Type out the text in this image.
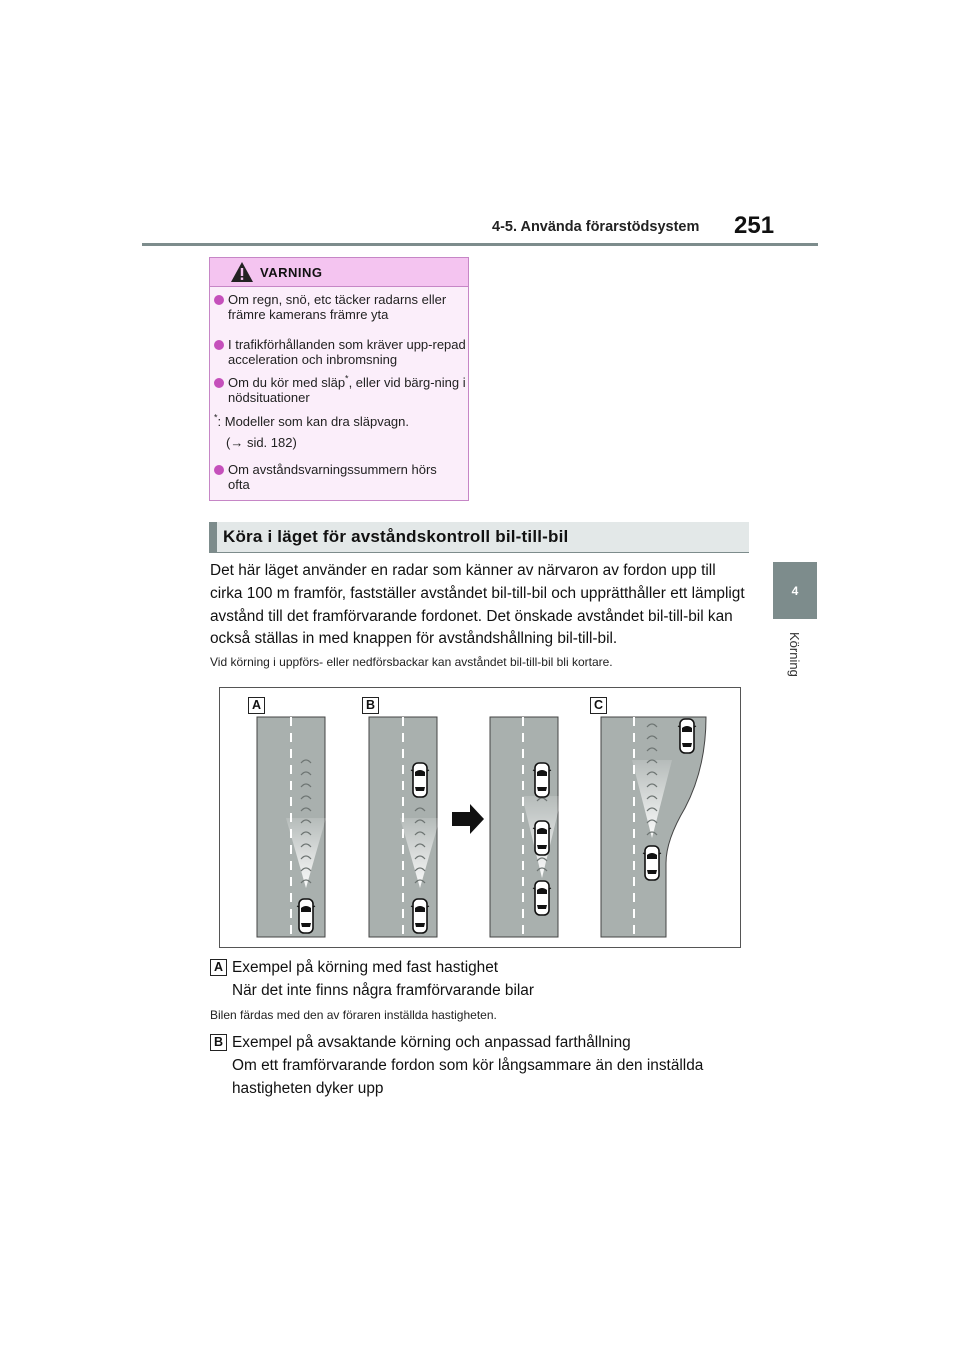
4-5. Använda förarstödsystem 251
4
Körning
VARNING
Om regn, snö, etc täcker radarns eller främre kamerans främre yta
I trafikförhållanden som kräver upp-repad acceleration och inbromsning
Om du kör med släp*, eller vid bärg-ning i nödsituationer
*: Modeller som kan dra släpvagn.
(→ sid. 182)
Om avståndsvarningssummern hörs ofta
Köra i läget för avståndskontroll bil-till-bil
Det här läget använder en radar som känner av närvaron av fordon upp till cirka 100 m framför, fastställer avståndet bil-till-bil och upprätthåller ett lämpligt avstånd till det framförvarande fordonet. Det önskade avståndet bil-till-bil kan också ställas in med knappen för avståndshållning bil-till-bil.
Vid körning i uppförs- eller nedförsbackar kan avståndet bil-till-bil bli kortare.
A	B	C
A Exempel på körning med fast hastighet
När det inte finns några framförvarande bilar
Bilen färdas med den av föraren inställda hastigheten.
B Exempel på avsaktande körning och anpassad farthållning
Om ett framförvarande fordon som kör långsammare än den inställda
hastigheten dyker upp
